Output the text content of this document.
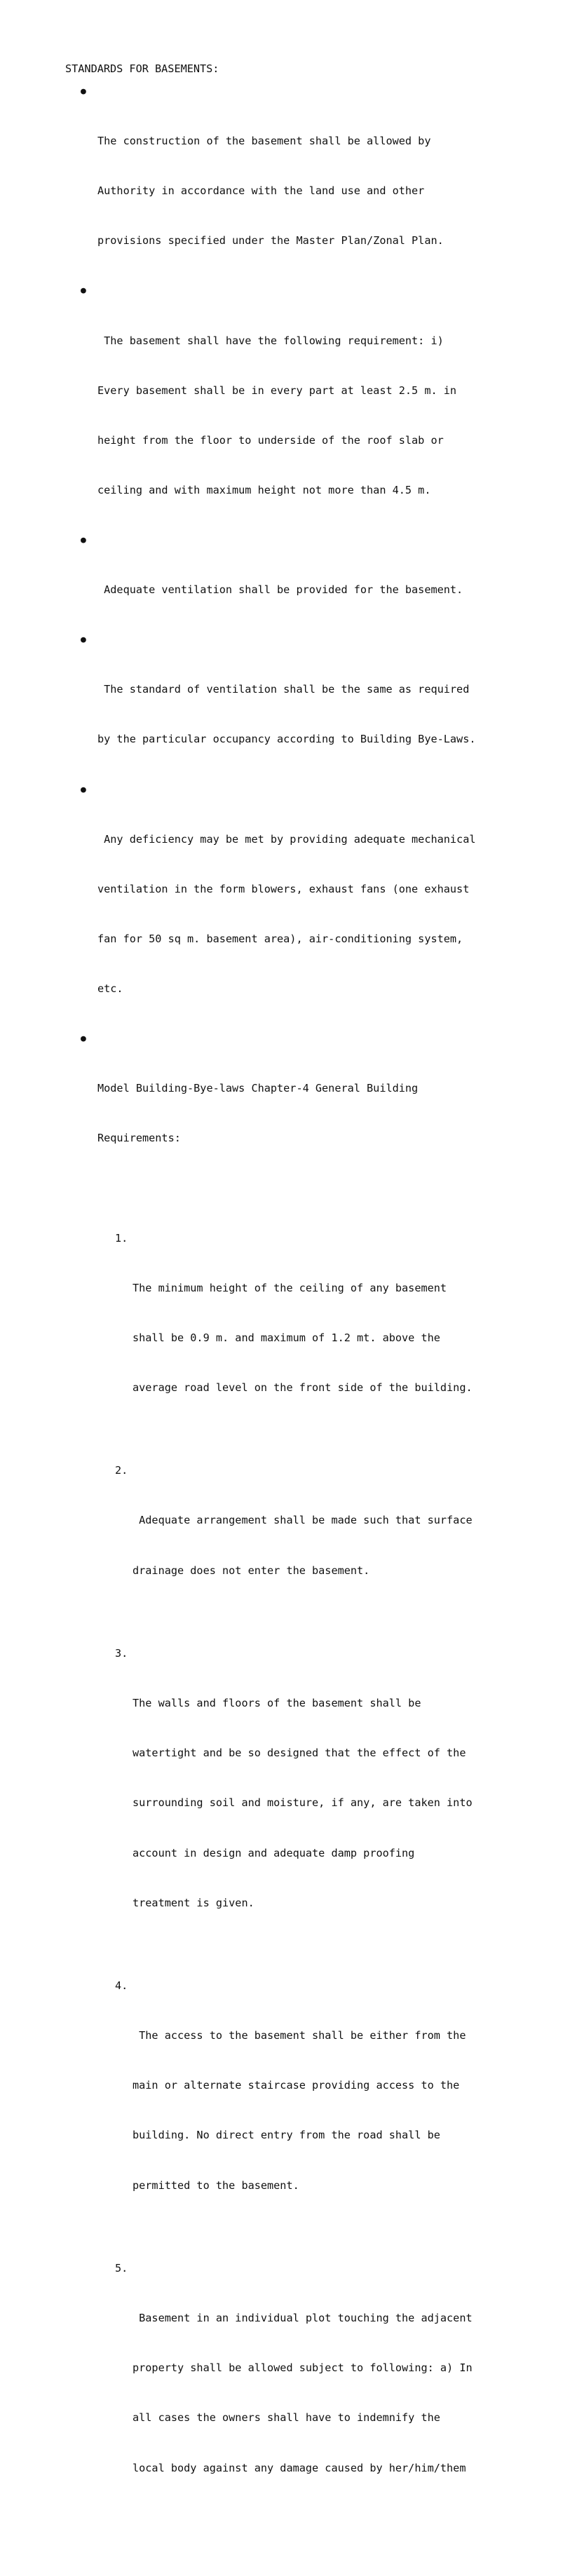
STANDARDS FOR BASEMENTS:

●

The construction of the basement shall be allowed by

Authority in accordance with the land use and other

provisions specified under the Master Plan/Zonal Plan.

●

The basement shall have the following requirement: i)

Every basement shall be in every part at least 2.5 m. in

height from the floor to underside of the roof slab or

ceiling and with maximum height not more than 4.5 m.

●

Adequate ventilation shall be provided for the basement.

●

The standard of ventilation shall be the same as required

by the particular occupancy according to Building Bye-Laws.

●

Any deficiency may be met by providing adequate mechanical

ventilation in the form blowers, exhaust fans (one exhaust

fan for 50 sq m. basement area), air-conditioning system,

etc.

●

Model Building-Bye-laws Chapter-4 General Building

Requirements:

1.

The minimum height of the ceiling of any basement

shall be 0.9 m. and maximum of 1.2 mt. above the

average road level on the front side of the building.

2.

Adequate arrangement shall be made such that surface

drainage does not enter the basement.

3.

The walls and floors of the basement shall be

watertight and be so designed that the effect of the

surrounding soil and moisture, if any, are taken into

account in design and adequate damp proofing

treatment is given.

4.

The access to the basement shall be either from the

main or alternate staircase providing access to the

building. No direct entry from the road shall be

permitted to the basement.

5.

Basement in an individual plot touching the adjacent

property shall be allowed subject to following: a) In

all cases the owners shall have to indemnify the

local body against any damage caused by her/him/them
